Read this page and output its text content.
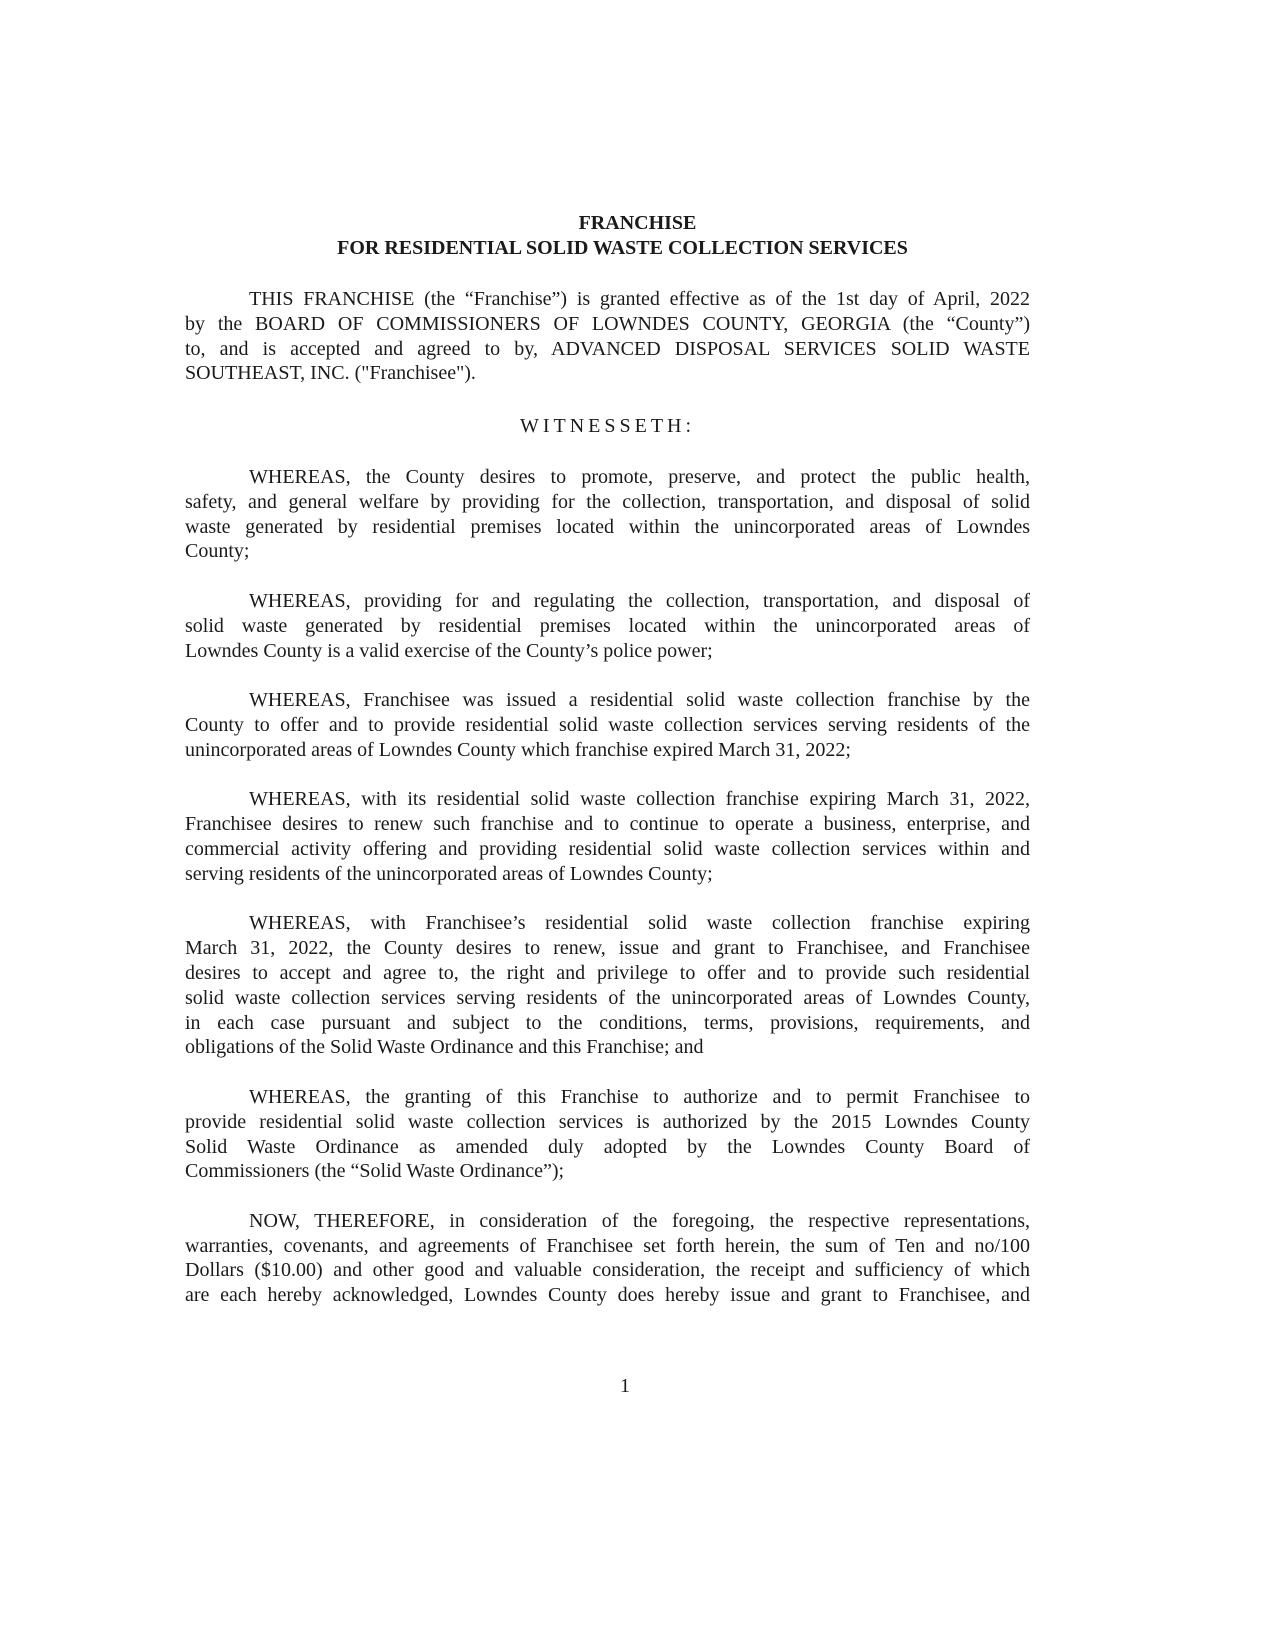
FRANCHISE
FOR RESIDENTIAL SOLID WASTE COLLECTION SERVICES
THIS FRANCHISE (the “Franchise”) is granted effective as of the 1st day of April, 2022
by the BOARD OF COMMISSIONERS OF LOWNDES COUNTY, GEORGIA (the “County”)
to, and is accepted and agreed to by, ADVANCED DISPOSAL SERVICES SOLID WASTE
SOUTHEAST, INC. ("Franchisee").
WITNESSETH:
WHEREAS, the County desires to promote, preserve, and protect the public health,
safety, and general welfare by providing for the collection, transportation, and disposal of solid
waste generated by residential premises located within the unincorporated areas of Lowndes
County;
WHEREAS, providing for and regulating the collection, transportation, and disposal of
solid waste generated by residential premises located within the unincorporated areas of
Lowndes County is a valid exercise of the County’s police power;
WHEREAS, Franchisee was issued a residential solid waste collection franchise by the
County to offer and to provide residential solid waste collection services serving residents of the
unincorporated areas of Lowndes County which franchise expired March 31, 2022;
WHEREAS, with its residential solid waste collection franchise expiring March 31, 2022,
Franchisee desires to renew such franchise and to continue to operate a business, enterprise, and
commercial activity offering and providing residential solid waste collection services within and
serving residents of the unincorporated areas of Lowndes County;
WHEREAS, with Franchisee’s residential solid waste collection franchise expiring
March 31, 2022, the County desires to renew, issue and grant to Franchisee, and Franchisee
desires to accept and agree to, the right and privilege to offer and to provide such residential
solid waste collection services serving residents of the unincorporated areas of Lowndes County,
in each case pursuant and subject to the conditions, terms, provisions, requirements, and
obligations of the Solid Waste Ordinance and this Franchise; and
WHEREAS, the granting of this Franchise to authorize and to permit Franchisee to
provide residential solid waste collection services is authorized by the 2015 Lowndes County
Solid Waste Ordinance as amended duly adopted by the Lowndes County Board of
Commissioners (the “Solid Waste Ordinance”);
NOW, THEREFORE, in consideration of the foregoing, the respective representations,
warranties, covenants, and agreements of Franchisee set forth herein, the sum of Ten and no/100
Dollars ($10.00) and other good and valuable consideration, the receipt and sufficiency of which
are each hereby acknowledged, Lowndes County does hereby issue and grant to Franchisee, and
1
